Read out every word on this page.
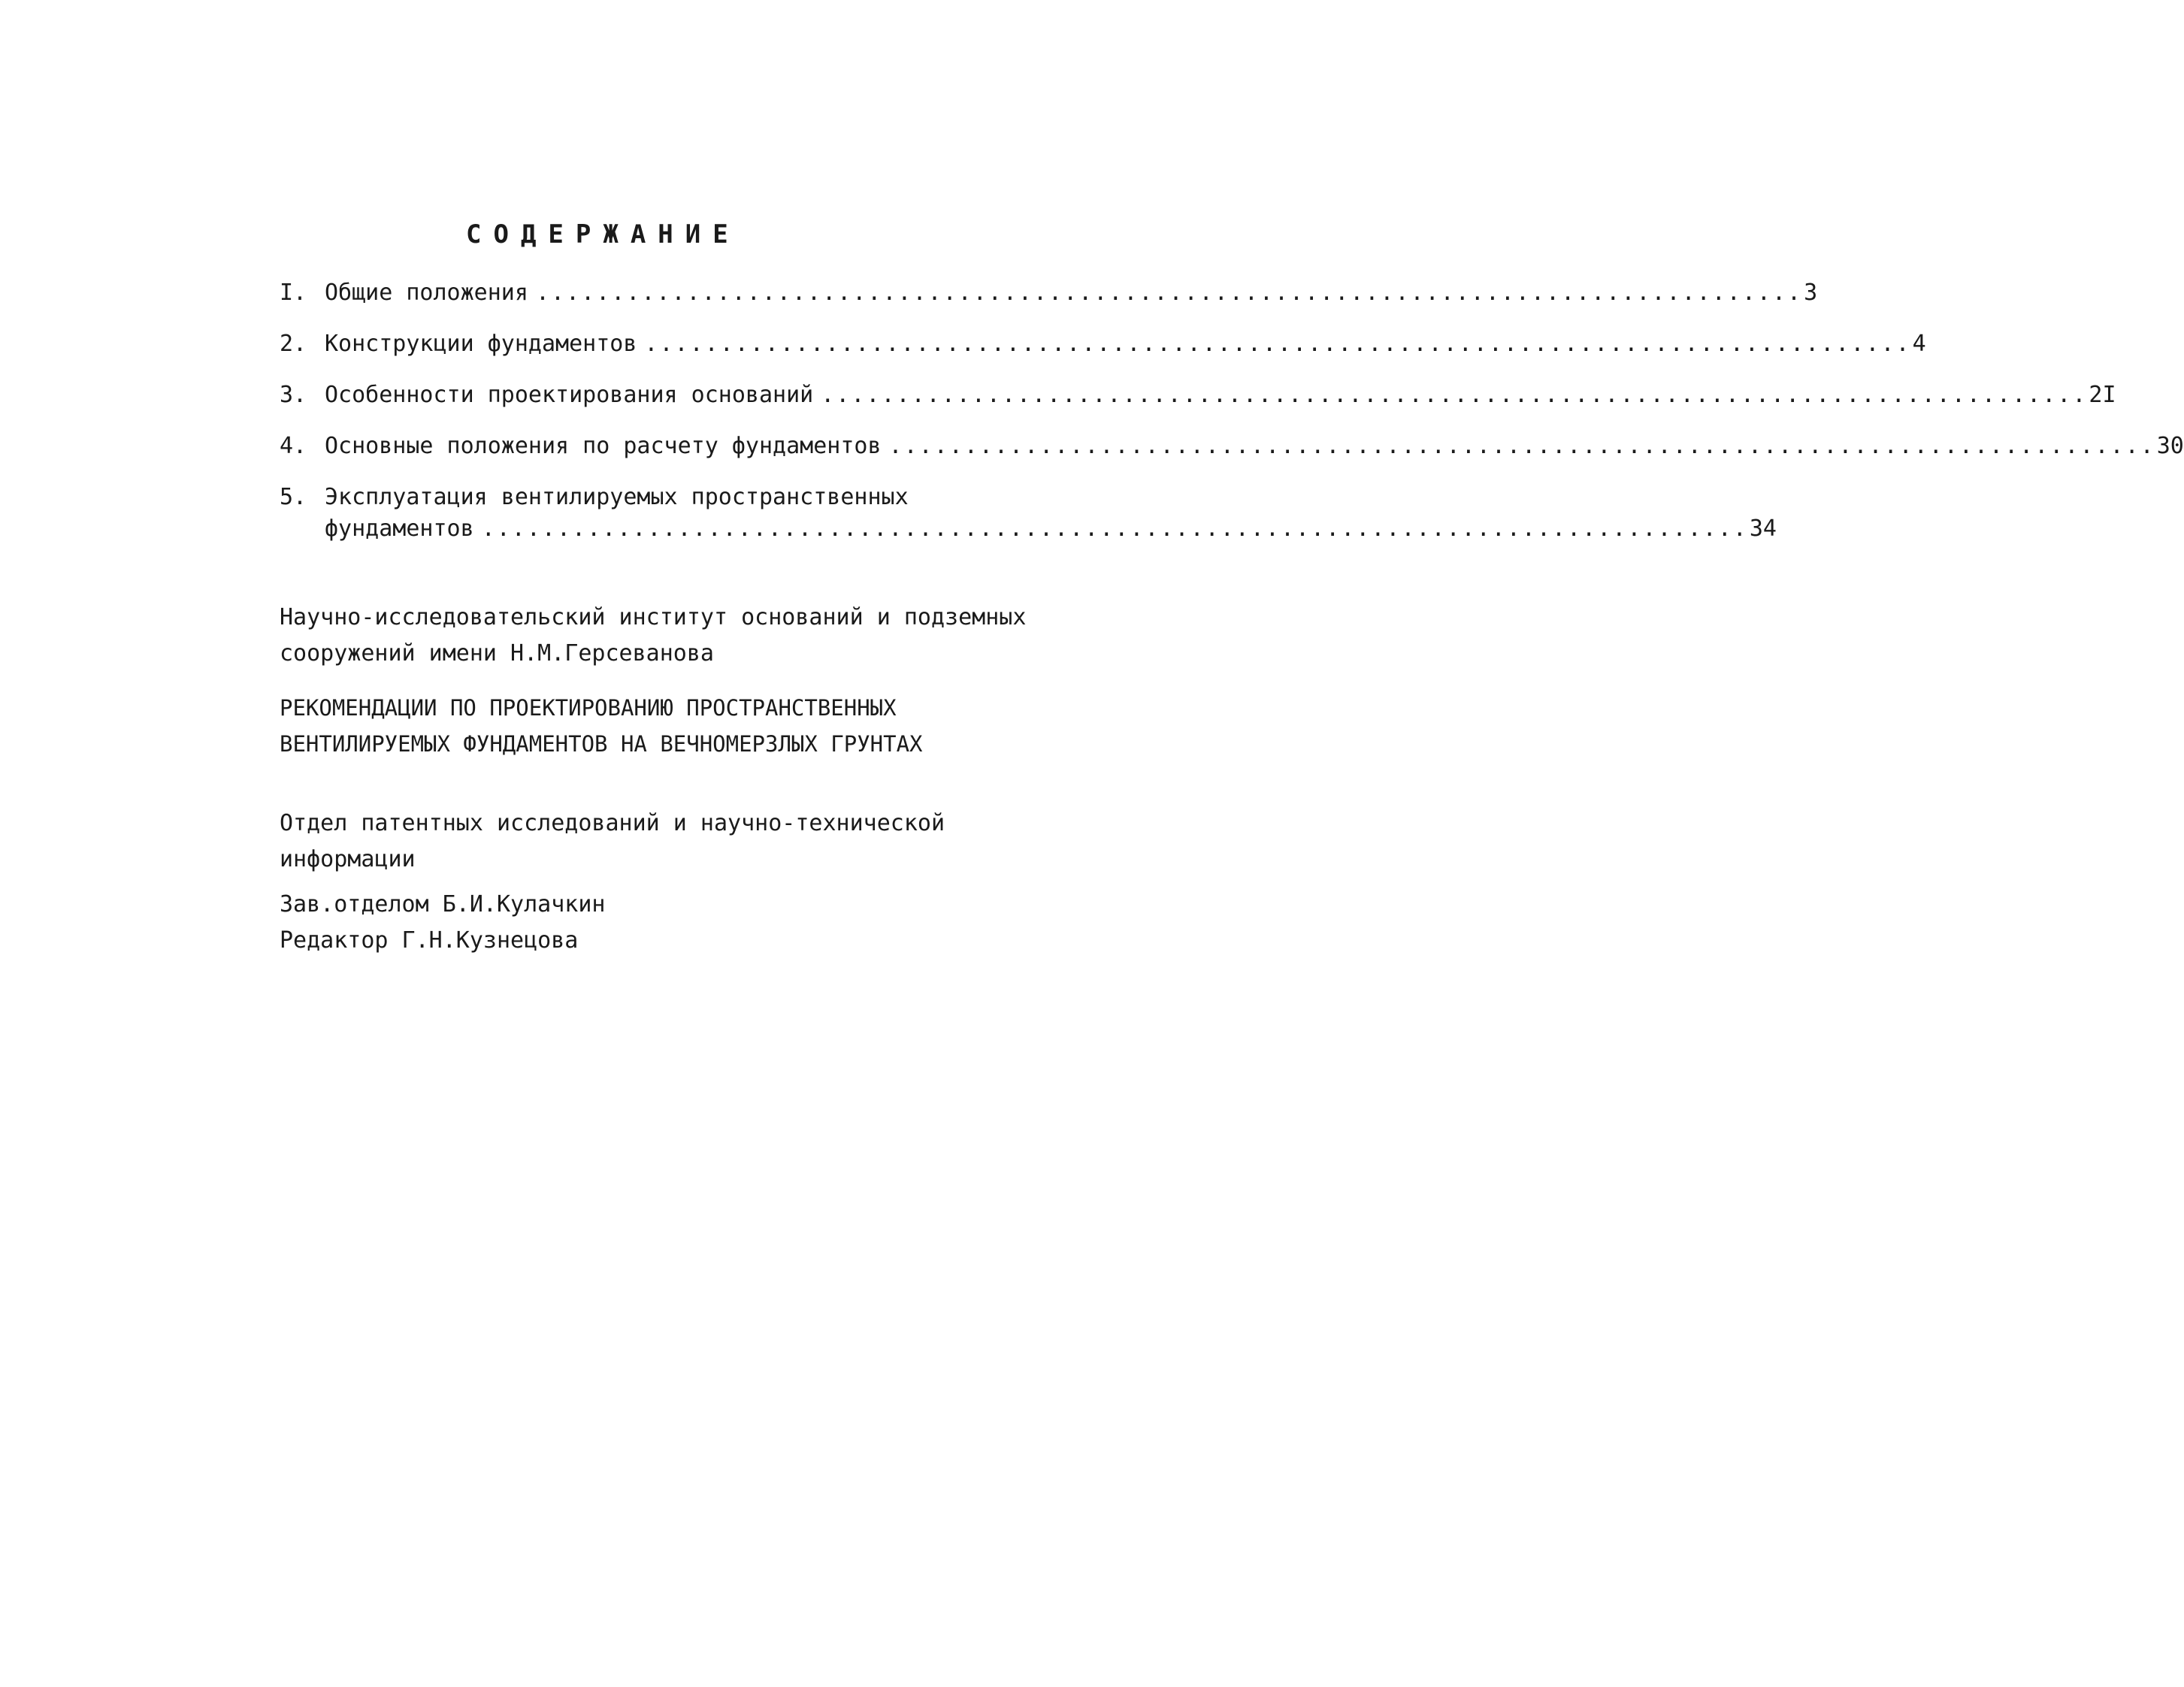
СОДЕРЖАНИЕ
I. Общие положения .................................................................................... 3
2. Конструкции фундаментов .................................................................................... 4
3. Особенности проектирования оснований .................................................................................... 2I
4. Основные положения по расчету фундаментов .................................................................................... 30
5. Эксплуатация вентилируемых пространственных
фундаментов .................................................................................... 34
Научно-исследовательский институт оснований и подземных
сооружений имени Н.М.Герсеванова
РЕКОМЕНДАЦИИ ПО ПРОЕКТИРОВАНИЮ ПРОСТРАНСТВЕННЫХ
ВЕНТИЛИРУЕМЫХ ФУНДАМЕНТОВ НА ВЕЧНОМЕРЗЛЫХ ГРУНТАХ
Отдел патентных исследований и научно-технической
информации
Зав.отделом Б.И.Кулачкин
Редактор Г.Н.Кузнецова
